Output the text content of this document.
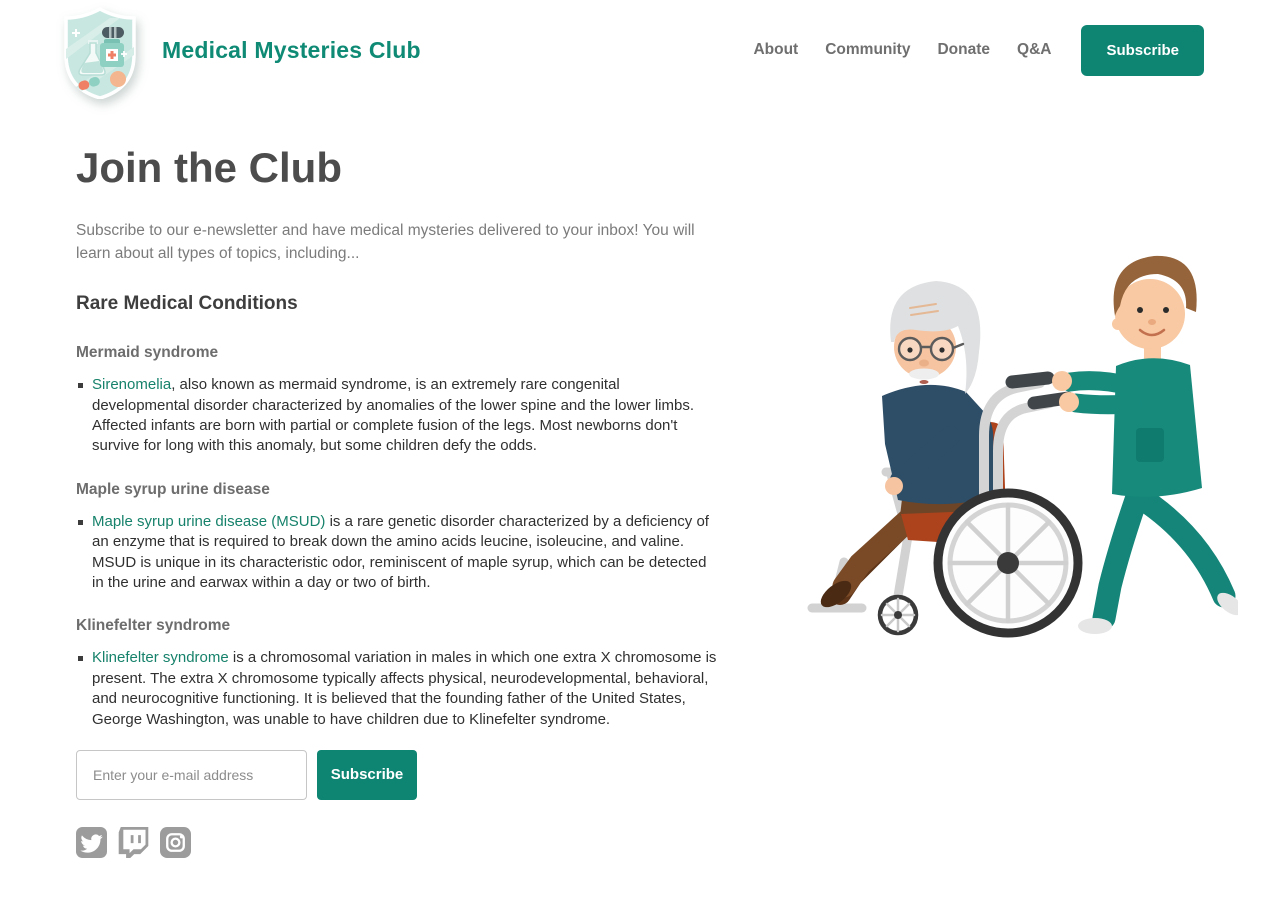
Medical Mysteries Club	About Community Donate Q&A	Subscribe
Join the Club

Subscribe to our e-newsletter and have medical mysteries delivered to your inbox! You will learn about all types of topics, including...

Rare Medical Conditions
Mermaid syndrome
Sirenomelia, also known as mermaid syndrome, is an extremely rare congenital developmental disorder characterized by anomalies of the lower spine and the lower limbs. Affected infants are born with partial or complete fusion of the legs. Most newborns don't survive for long with this anomaly, but some children defy the odds.
Maple syrup urine disease
Maple syrup urine disease (MSUD) is a rare genetic disorder characterized by a deficiency of an enzyme that is required to break down the amino acids leucine, isoleucine, and valine. MSUD is unique in its characteristic odor, reminiscent of maple syrup, which can be detected in the urine and earwax within a day or two of birth.
Klinefelter syndrome
Klinefelter syndrome is a chromosomal variation in males in which one extra X chromosome is present. The extra X chromosome typically affects physical, neurodevelopmental, behavioral, and neurocognitive functioning. It is believed that the founding father of the United States, George Washington, was unable to have children due to Klinefelter syndrome.
Enter your e-mail address
Subscribe
